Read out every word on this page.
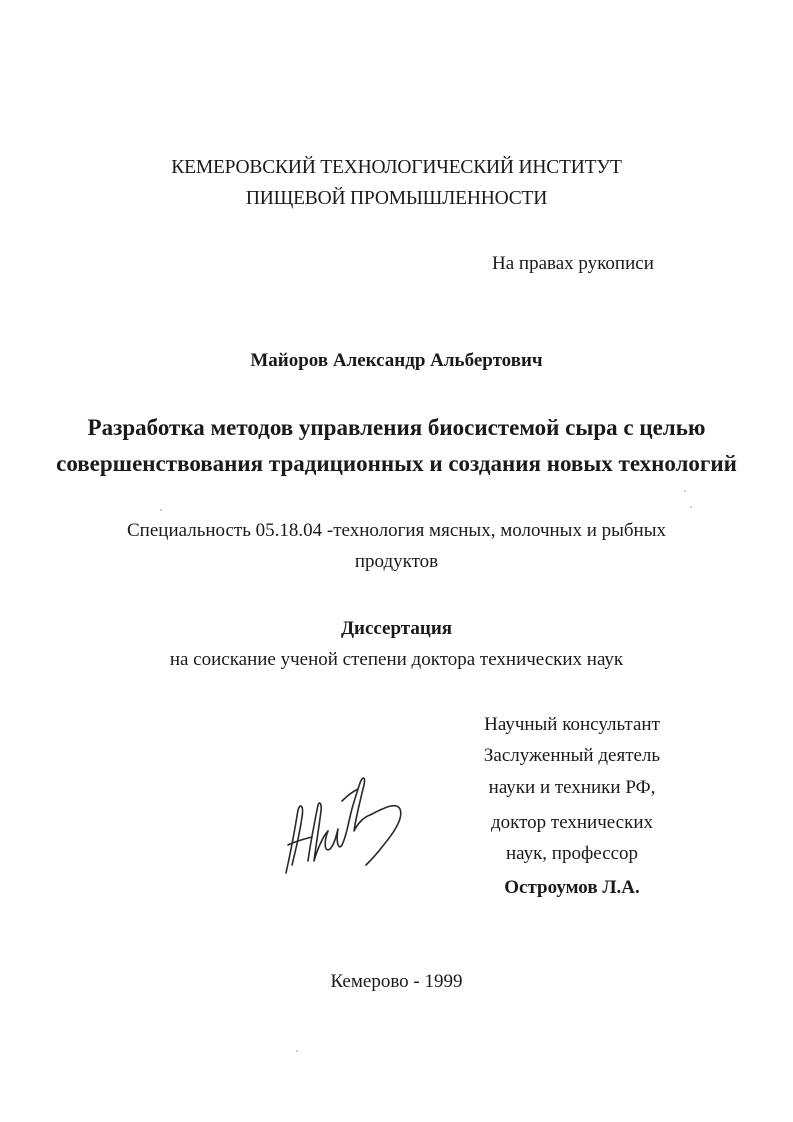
КЕМЕРОВСКИЙ ТЕХНОЛОГИЧЕСКИЙ ИНСТИТУТ
ПИЩЕВОЙ ПРОМЫШЛЕННОСТИ
На правах рукописи
Майоров Александр Альбертович
Разработка методов управления биосистемой сыра с целью
совершенствования традиционных и создания новых технологий
Специальность 05.18.04 -технология мясных, молочных и рыбных
продуктов
Диссертация
на соискание ученой степени доктора технических наук
Научный консультант
Заслуженный деятель
науки и техники РФ,
доктор технических
наук, профессор
Остроумов Л.А.
Кемерово - 1999
